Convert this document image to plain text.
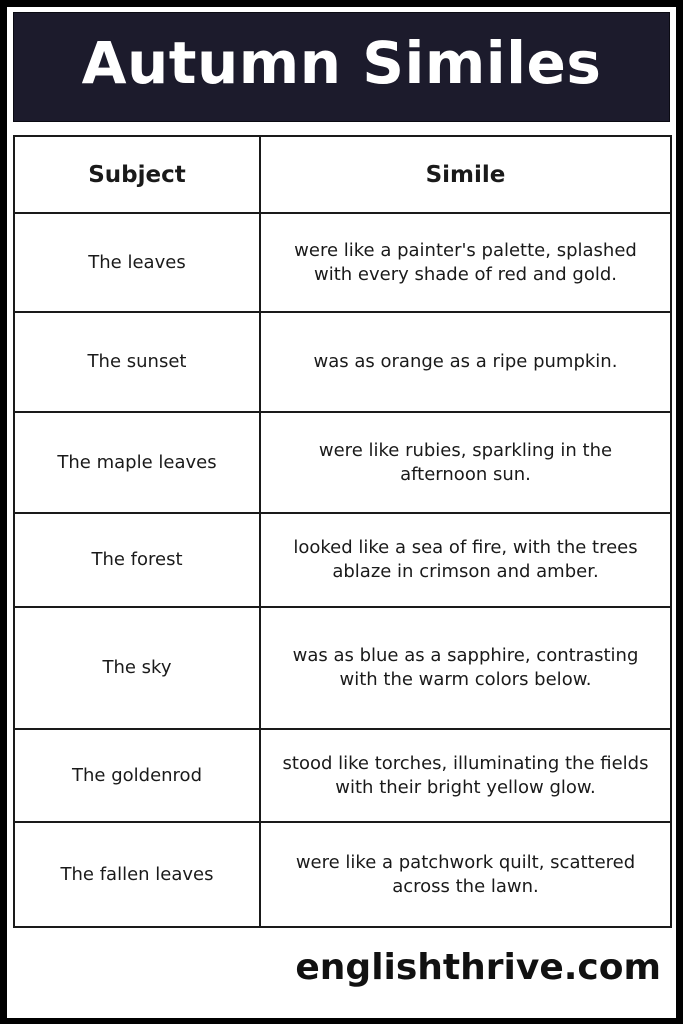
Autumn Similes
Subject	Simile
The leaves	were like a painter's palette, splashed with every shade of red and gold.
The sunset	was as orange as a ripe pumpkin.
The maple leaves	were like rubies, sparkling in the afternoon sun.
The forest	looked like a sea of fire, with the trees ablaze in crimson and amber.
The sky	was as blue as a sapphire, contrasting with the warm colors below.
The goldenrod	stood like torches, illuminating the fields with their bright yellow glow.
The fallen leaves	were like a patchwork quilt, scattered across the lawn.
englishthrive.com
